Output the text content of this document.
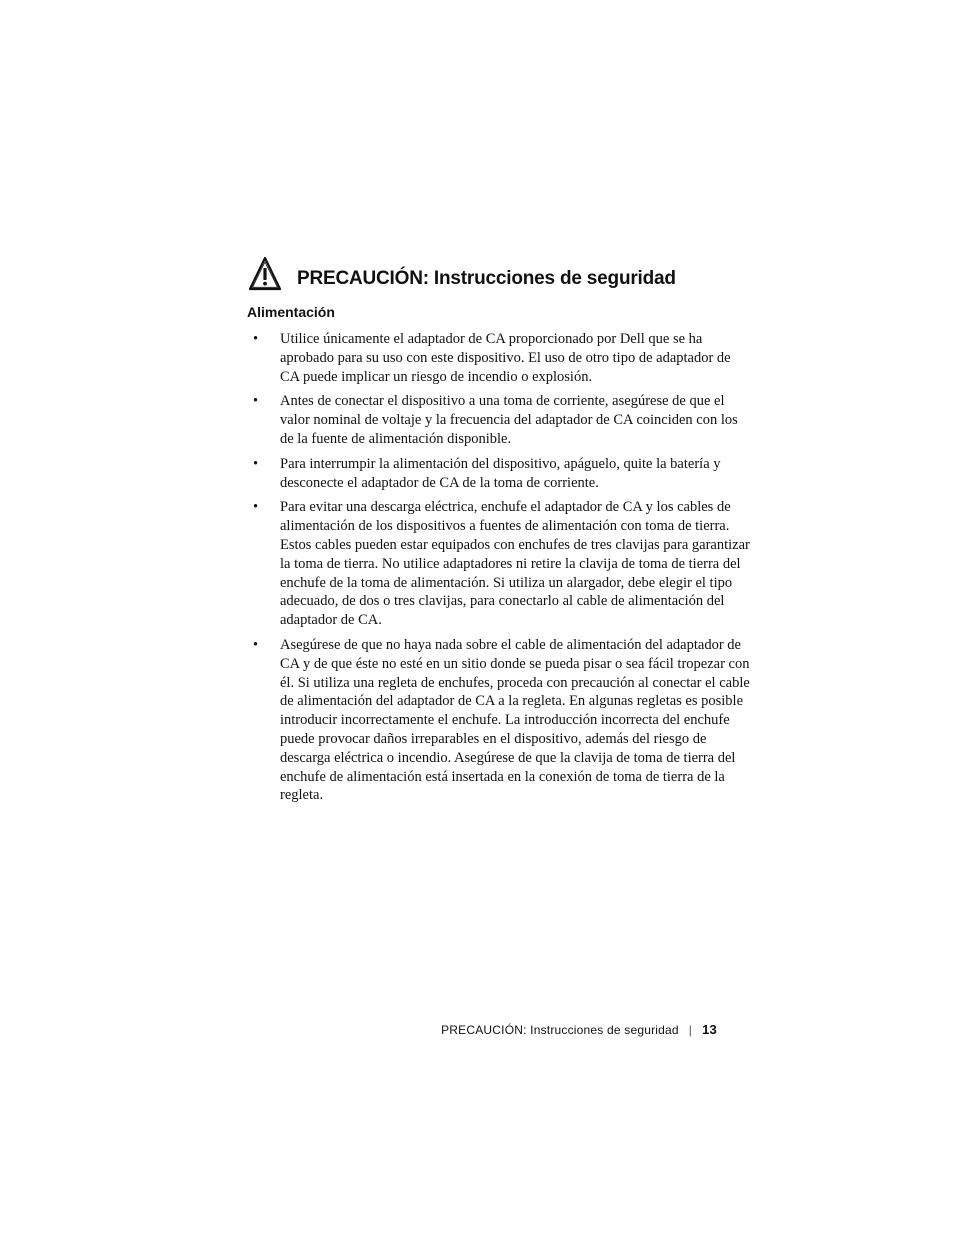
PRECAUCIÓN: Instrucciones de seguridad
Alimentación
• Utilice únicamente el adaptador de CA proporcionado por Dell que se ha aprobado para su uso con este dispositivo. El uso de otro tipo de adaptador de CA puede implicar un riesgo de incendio o explosión.
• Antes de conectar el dispositivo a una toma de corriente, asegúrese de que el valor nominal de voltaje y la frecuencia del adaptador de CA coinciden con los de la fuente de alimentación disponible.
• Para interrumpir la alimentación del dispositivo, apáguelo, quite la batería y desconecte el adaptador de CA de la toma de corriente.
• Para evitar una descarga eléctrica, enchufe el adaptador de CA y los cables de alimentación de los dispositivos a fuentes de alimentación con toma de tierra. Estos cables pueden estar equipados con enchufes de tres clavijas para garantizar la toma de tierra. No utilice adaptadores ni retire la clavija de toma de tierra del enchufe de la toma de alimentación. Si utiliza un alargador, debe elegir el tipo adecuado, de dos o tres clavijas, para conectarlo al cable de alimentación del adaptador de CA.
• Asegúrese de que no haya nada sobre el cable de alimentación del adaptador de CA y de que éste no esté en un sitio donde se pueda pisar o sea fácil tropezar con él. Si utiliza una regleta de enchufes, proceda con precaución al conectar el cable de alimentación del adaptador de CA a la regleta. En algunas regletas es posible introducir incorrectamente el enchufe. La introducción incorrecta del enchufe puede provocar daños irreparables en el dispositivo, además del riesgo de descarga eléctrica o incendio. Asegúrese de que la clavija de toma de tierra del enchufe de alimentación está insertada en la conexión de toma de tierra de la regleta.
PRECAUCIÓN: Instrucciones de seguridad | 13
